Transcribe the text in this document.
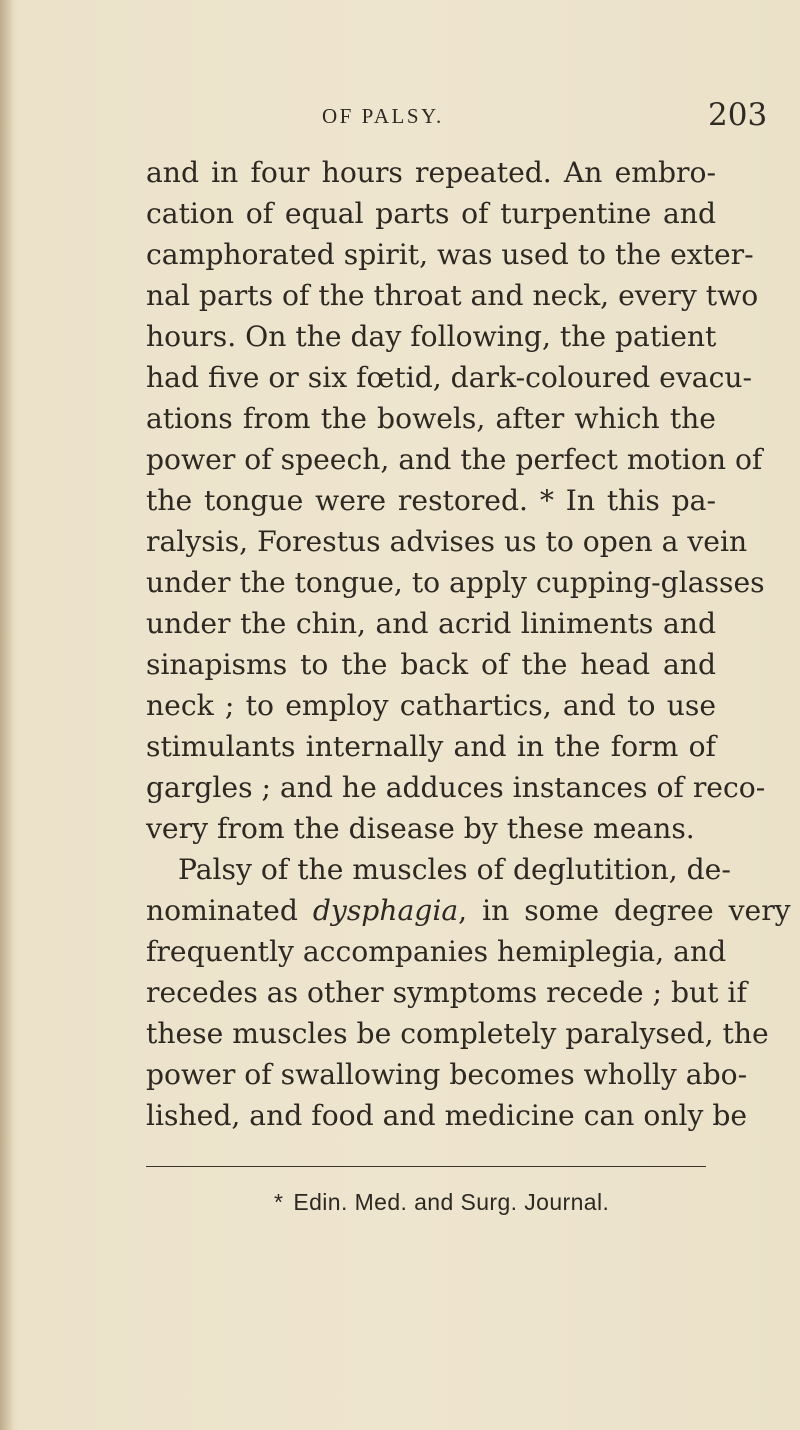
OF PALSY.	203
and in four hours repeated. An embro-
cation of equal parts of turpentine and
camphorated spirit, was used to the exter-
nal parts of the throat and neck, every two
hours. On the day following, the patient
had five or six fœtid, dark-coloured evacu-
ations from the bowels, after which the
power of speech, and the perfect motion of
the tongue were restored. * In this pa-
ralysis, Forestus advises us to open a vein
under the tongue, to apply cupping-glasses
under the chin, and acrid liniments and
sinapisms to the back of the head and
neck ; to employ cathartics, and to use
stimulants internally and in the form of
gargles ; and he adduces instances of reco-
very from the disease by these means.
Palsy of the muscles of deglutition, de-
nominated dysphagia, in some degree very
frequently accompanies hemiplegia, and
recedes as other symptoms recede ; but if
these muscles be completely paralysed, the
power of swallowing becomes wholly abo-
lished, and food and medicine can only be
* Edin. Med. and Surg. Journal.
